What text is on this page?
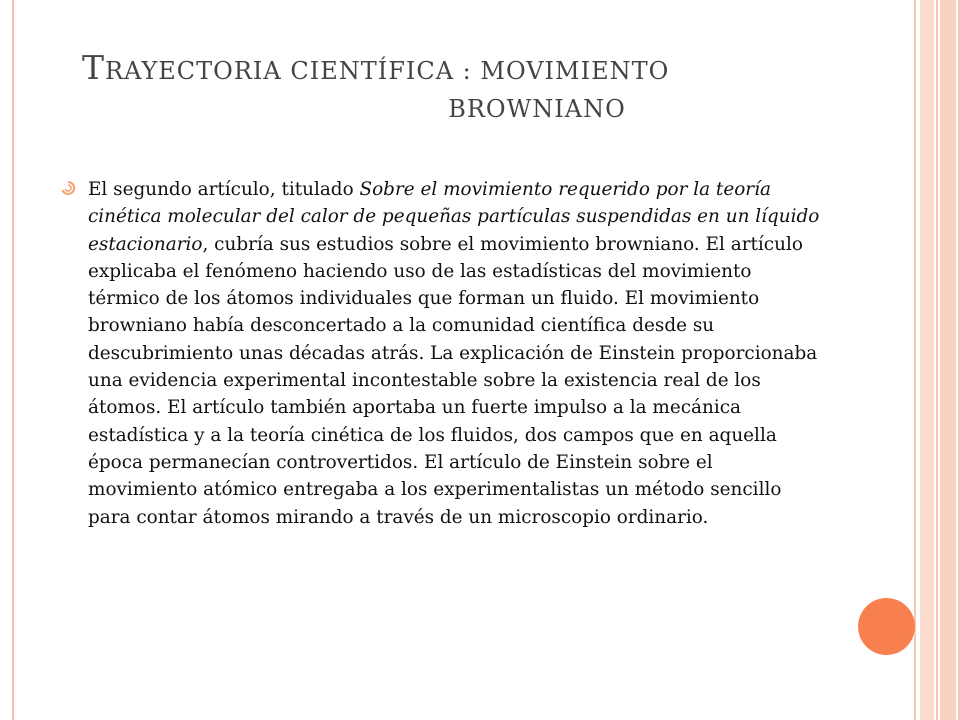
TRAYECTORIA CIENTÍFICA : MOVIMIENTO
BROWNIANO
El segundo artículo, titulado Sobre el movimiento requerido por la teoría cinética molecular del calor de pequeñas partículas suspendidas en un líquido estacionario, cubría sus estudios sobre el movimiento browniano. El artículo explicaba el fenómeno haciendo uso de las estadísticas del movimiento térmico de los átomos individuales que forman un fluido. El movimiento browniano había desconcertado a la comunidad científica desde su descubrimiento unas décadas atrás. La explicación de Einstein proporcionaba una evidencia experimental incontestable sobre la existencia real de los átomos. El artículo también aportaba un fuerte impulso a la mecánica estadística y a la teoría cinética de los fluidos, dos campos que en aquella época permanecían controvertidos. El artículo de Einstein sobre el movimiento atómico entregaba a los experimentalistas un método sencillo para contar átomos mirando a través de un microscopio ordinario.
